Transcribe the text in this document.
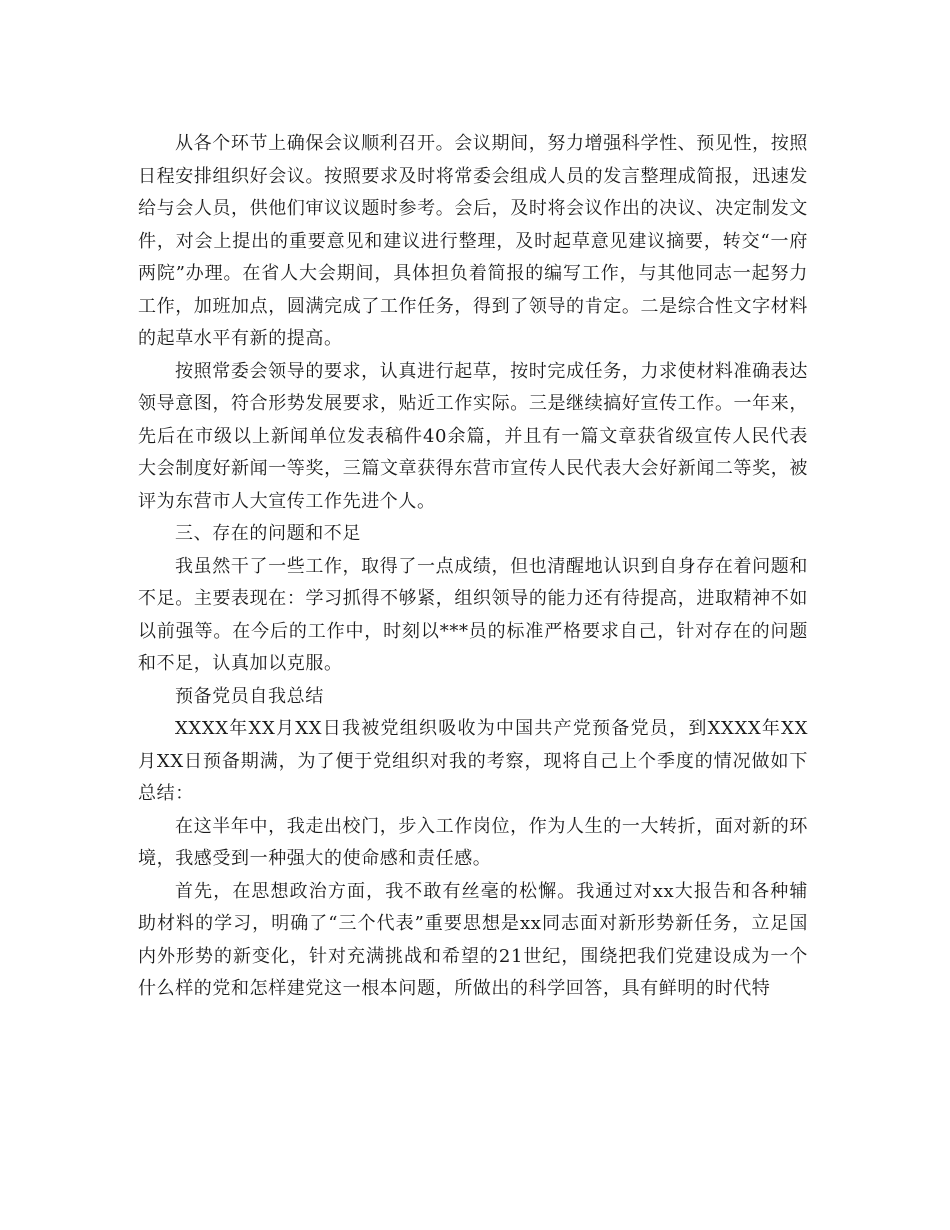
从各个环节上确保会议顺利召开。会议期间，努力增强科学性、预见性，按照日程安排组织好会议。按照要求及时将常委会组成人员的发言整理成简报，迅速发给与会人员，供他们审议议题时参考。会后，及时将会议作出的决议、决定制发文件，对会上提出的重要意见和建议进行整理，及时起草意见建议摘要，转交“一府两院”办理。在省人大会期间，具体担负着简报的编写工作，与其他同志一起努力工作，加班加点，圆满完成了工作任务，得到了领导的肯定。二是综合性文字材料的起草水平有新的提高。

按照常委会领导的要求，认真进行起草，按时完成任务，力求使材料准确表达领导意图，符合形势发展要求，贴近工作实际。三是继续搞好宣传工作。一年来，先后在市级以上新闻单位发表稿件40余篇，并且有一篇文章获省级宣传人民代表大会制度好新闻一等奖，三篇文章获得东营市宣传人民代表大会好新闻二等奖，被评为东营市人大宣传工作先进个人。

三、存在的问题和不足

我虽然干了一些工作，取得了一点成绩，但也清醒地认识到自身存在着问题和不足。主要表现在：学习抓得不够紧，组织领导的能力还有待提高，进取精神不如以前强等。在今后的工作中，时刻以***员的标准严格要求自己，针对存在的问题和不足，认真加以克服。

预备党员自我总结

XXXX年XX月XX日我被党组织吸收为中国共产党预备党员，到XXXX年XX月XX日预备期满，为了便于党组织对我的考察，现将自己上个季度的情况做如下总结：

在这半年中，我走出校门，步入工作岗位，作为人生的一大转折，面对新的环境，我感受到一种强大的使命感和责任感。

首先，在思想政治方面，我不敢有丝毫的松懈。我通过对xx大报告和各种辅助材料的学习，明确了“三个代表”重要思想是xx同志面对新形势新任务，立足国内外形势的新变化，针对充满挑战和希望的21世纪，围绕把我们党建设成为一个什么样的党和怎样建党这一根本问题，所做出的科学回答，具有鲜明的时代特
